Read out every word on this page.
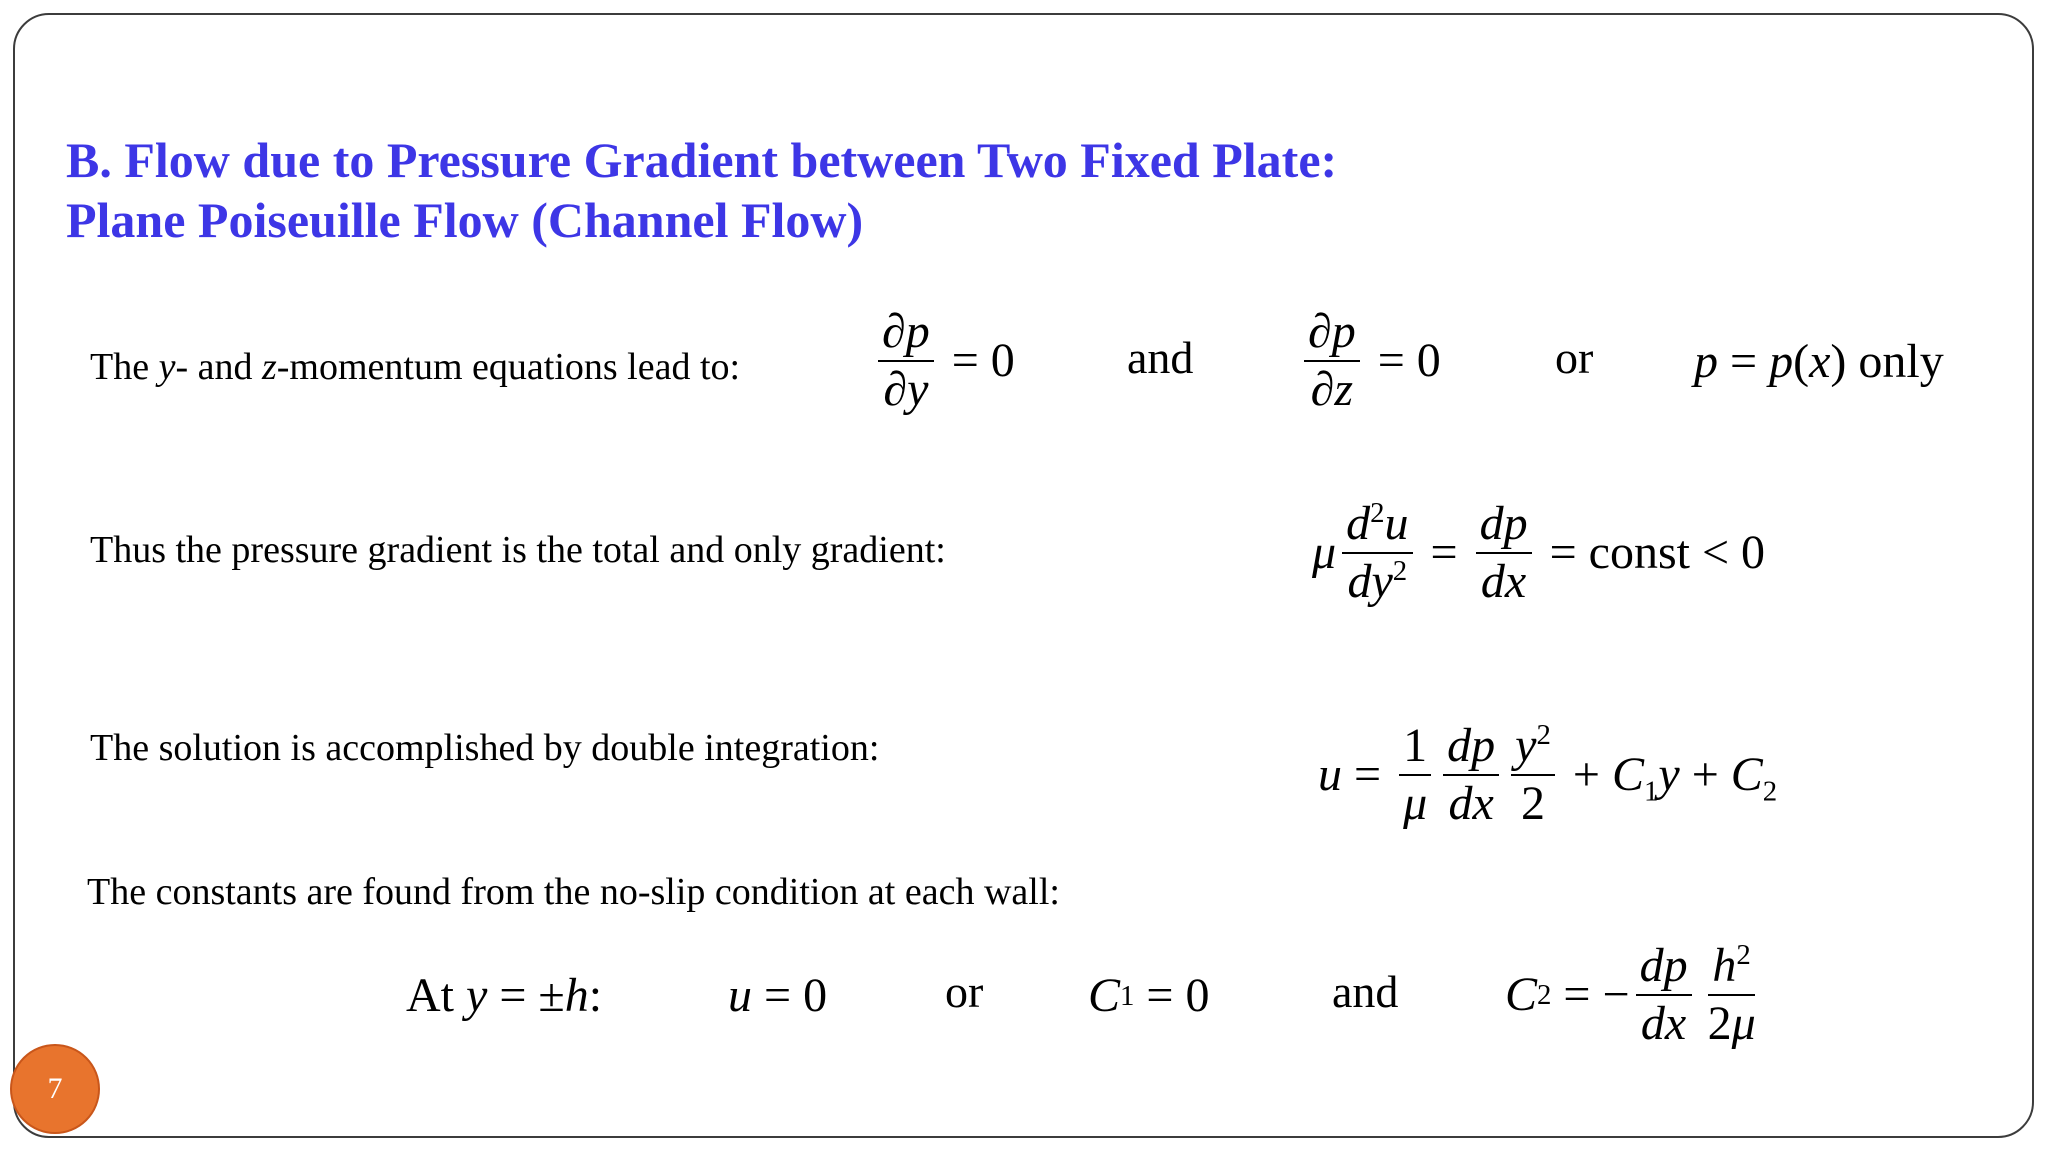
B. Flow due to Pressure Gradient between Two Fixed Plate:
Plane Poiseuille Flow (Channel Flow)
The y- and z-momentum equations lead to:	$\frac{\partial p}{\partial y} = 0$ and $\frac{\partial p}{\partial z} = 0$ or p = p ( x ) only
Thus the pressure gradient is the total and only gradient:	μ $\frac{d^2u}{dy^2} = \frac{dp}{dx}$ = const < 0
The solution is accomplished by double integration:	$u = \frac{1}{\mu} \frac{dp}{dx} \frac{y^2}{2} + C_1y + C_2$
The constants are found from the no-slip condition at each wall:
At
y = ± h :	u = 0	or C 1 = 0	and C 2 = − $\frac{dp}{dx} \frac{h^2}{2\mu}$
7
